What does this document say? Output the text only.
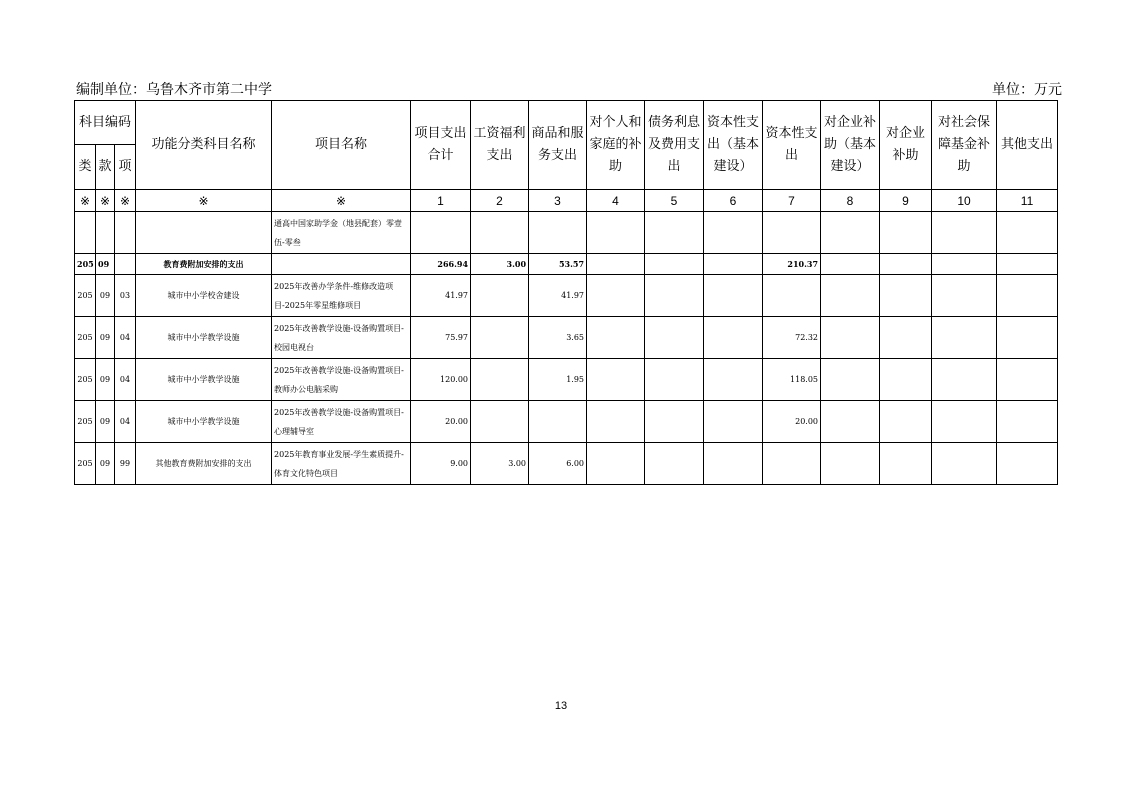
编制单位：乌鲁木齐市第二中学	单位：万元
科目编码			功能分类科目名称	项目名称	项目支出合计	工资福利支出	商品和服务支出	对个人和家庭的补助	债务利息及费用支出	资本性支出（基本建设）	资本性支出	对企业补助（基本建设）	对企业补助	对社会保障基金补助	其他支出
类	款	项													
※	※	※	※	※	1	2	3	4	5	6	7	8	9	10	11
				通高中国家助学金（地县配套）零壹伍-零叁											
205	09		教育费附加安排的支出		266.94	3.00	53.57				210.37				
205	09	03	城市中小学校舍建设	2025年改善办学条件-维修改造项目-2025年零星维修项目	41.97		41.97								
205	09	04	城市中小学教学设施	2025年改善教学设施-设备购置项目-校园电视台	75.97		3.65				72.32				
205	09	04	城市中小学教学设施	2025年改善教学设施-设备购置项目-教师办公电脑采购	120.00		1.95				118.05				
205	09	04	城市中小学教学设施	2025年改善教学设施-设备购置项目-心理辅导室	20.00						20.00				
205	09	99	其他教育费附加安排的支出	2025年教育事业发展-学生素质提升-体育文化特色项目	9.00	3.00	6.00								
13
